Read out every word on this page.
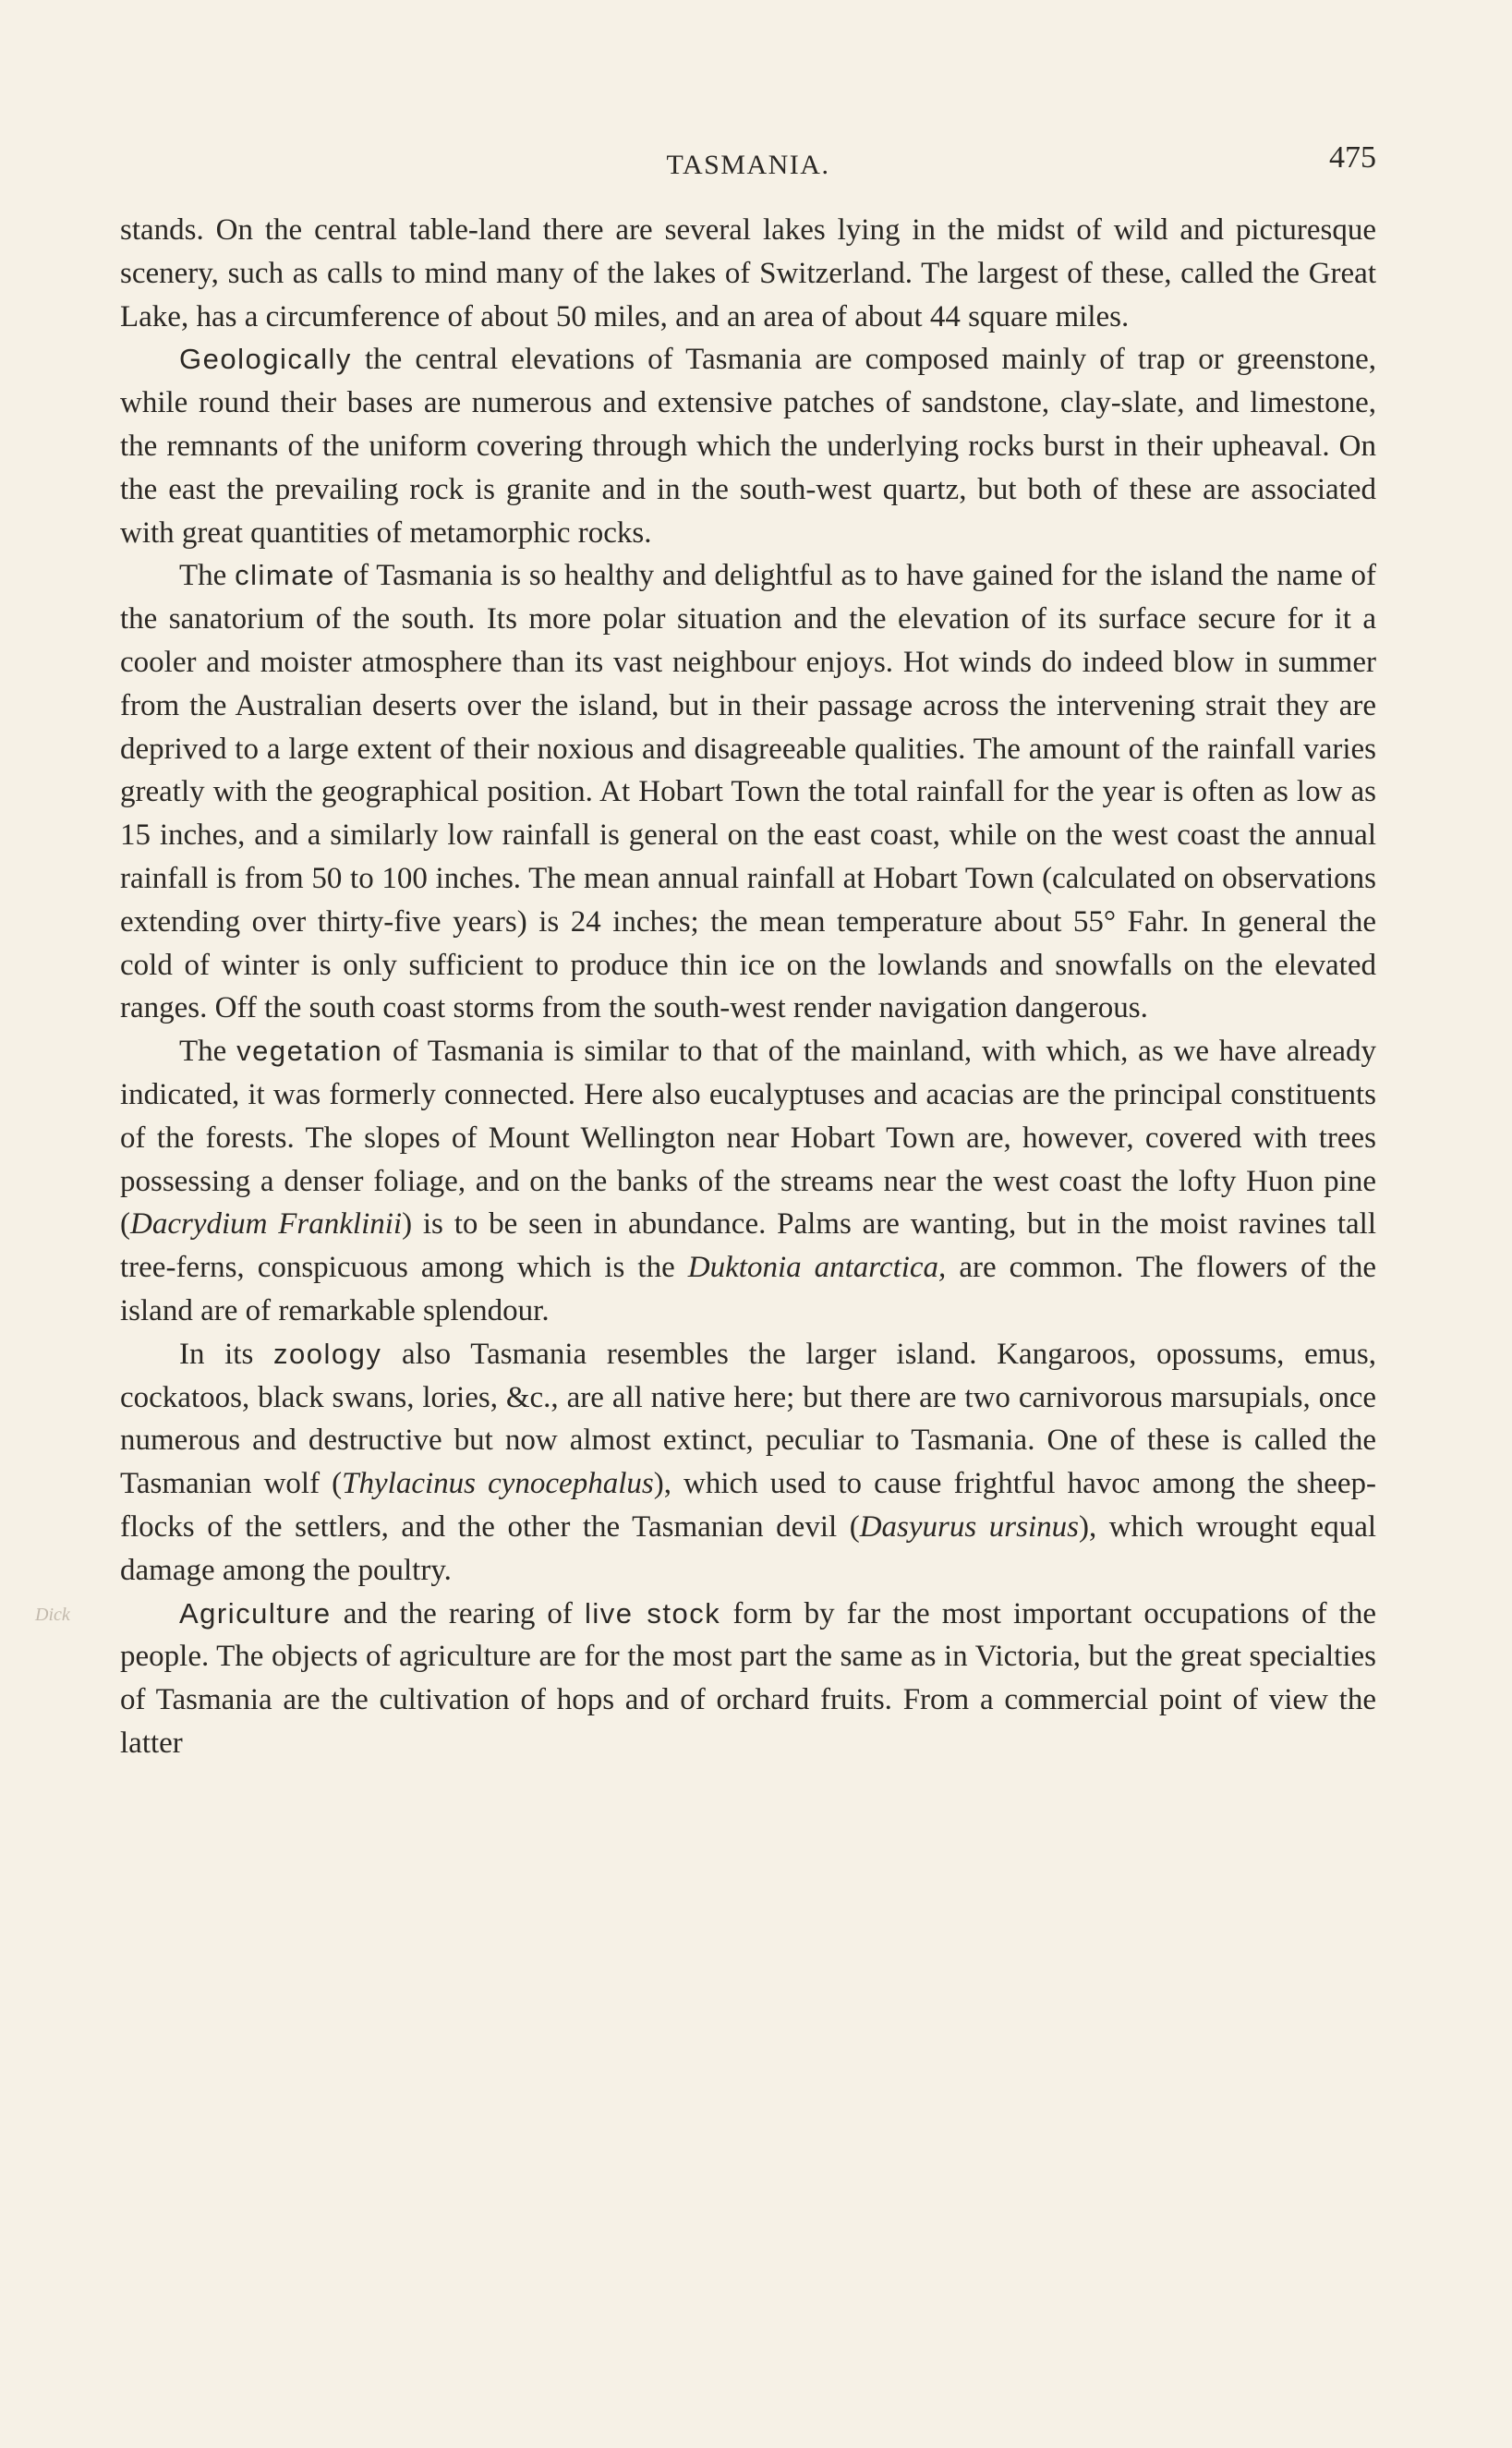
TASMANIA.	475
Dick

stands. On the central table-land there are several lakes lying in the midst of wild and picturesque scenery, such as calls to mind many of the lakes of Switzerland. The largest of these, called the Great Lake, has a circumference of about 50 miles, and an area of about 44 square miles.

Geologically the central elevations of Tasmania are composed mainly of trap or greenstone, while round their bases are numerous and extensive patches of sandstone, clay-slate, and limestone, the remnants of the uniform covering through which the underlying rocks burst in their upheaval. On the east the prevailing rock is granite and in the south-west quartz, but both of these are associated with great quantities of metamorphic rocks.

The climate of Tasmania is so healthy and delightful as to have gained for the island the name of the sanatorium of the south. Its more polar situation and the elevation of its surface secure for it a cooler and moister atmosphere than its vast neighbour enjoys. Hot winds do indeed blow in summer from the Australian deserts over the island, but in their passage across the intervening strait they are deprived to a large extent of their noxious and disagreeable qualities. The amount of the rainfall varies greatly with the geographical position. At Hobart Town the total rainfall for the year is often as low as 15 inches, and a similarly low rainfall is general on the east coast, while on the west coast the annual rainfall is from 50 to 100 inches. The mean annual rainfall at Hobart Town (calculated on observations extending over thirty-five years) is 24 inches; the mean temperature about 55° Fahr. In general the cold of winter is only sufficient to produce thin ice on the lowlands and snowfalls on the elevated ranges. Off the south coast storms from the south-west render navigation dangerous.

The vegetation of Tasmania is similar to that of the mainland, with which, as we have already indicated, it was formerly connected. Here also eucalyptuses and acacias are the principal constituents of the forests. The slopes of Mount Wellington near Hobart Town are, however, covered with trees possessing a denser foliage, and on the banks of the streams near the west coast the lofty Huon pine (Dacrydium Franklinii) is to be seen in abundance. Palms are wanting, but in the moist ravines tall tree-ferns, conspicuous among which is the Duktonia antarctica, are common. The flowers of the island are of remarkable splendour.

In its zoology also Tasmania resembles the larger island. Kangaroos, opossums, emus, cockatoos, black swans, lories, &c., are all native here; but there are two carnivorous marsupials, once numerous and destructive but now almost extinct, peculiar to Tasmania. One of these is called the Tasmanian wolf (Thylacinus cynocephalus), which used to cause frightful havoc among the sheep-flocks of the settlers, and the other the Tasmanian devil (Dasyurus ursinus), which wrought equal damage among the poultry.

Agriculture and the rearing of live stock form by far the most important occupations of the people. The objects of agriculture are for the most part the same as in Victoria, but the great specialties of Tasmania are the cultivation of hops and of orchard fruits. From a commercial point of view the latter
